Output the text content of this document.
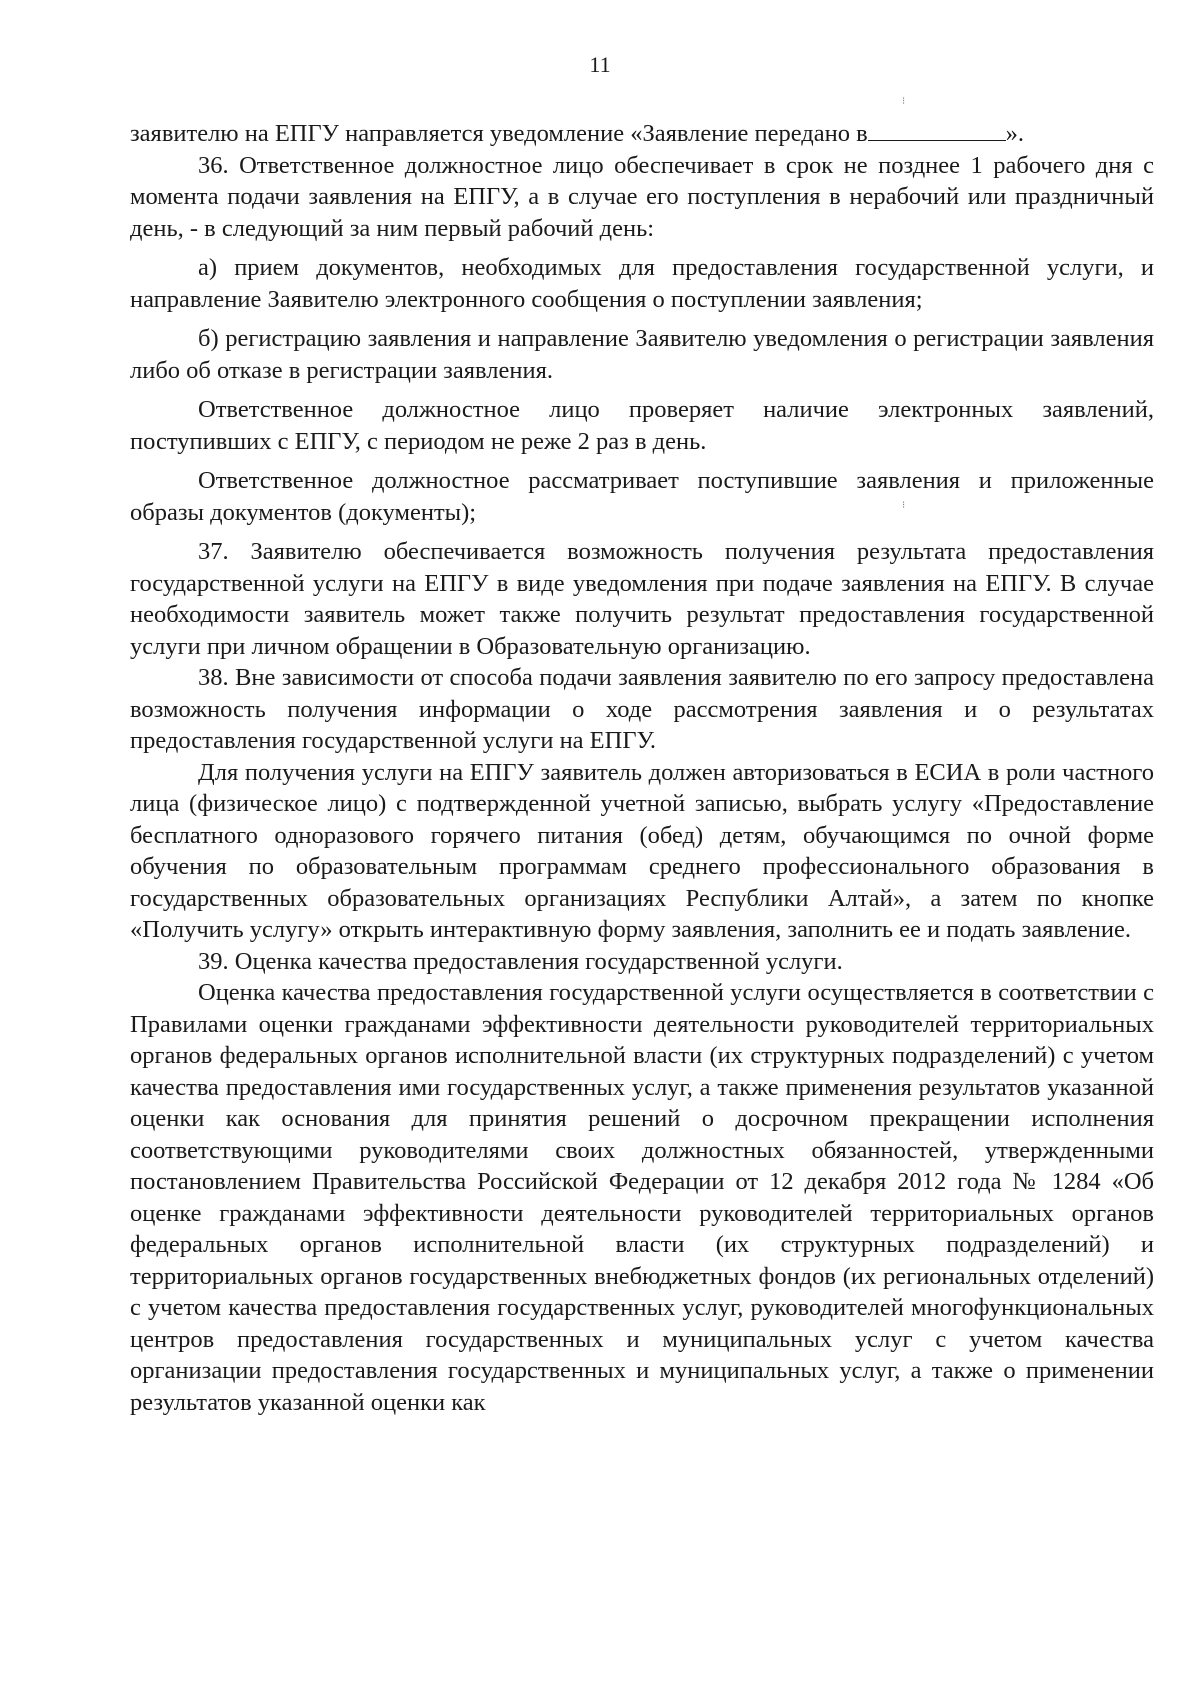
11
⁝
⁝

заявителю на ЕПГУ направляется уведомление «Заявление передано в	».

36. Ответственное должностное лицо обеспечивает в срок не позднее 1 рабочего дня с момента подачи заявления на ЕПГУ, а в случае его поступления в нерабочий или праздничный день, - в следующий за ним первый рабочий день:

а) прием документов, необходимых для предоставления государственной услуги, и направление Заявителю электронного сообщения о поступлении заявления;

б) регистрацию заявления и направление Заявителю уведомления о регистрации заявления либо об отказе в регистрации заявления.

Ответственное должностное лицо проверяет наличие электронных заявлений, поступивших с ЕПГУ, с периодом не реже 2 раз в день.

Ответственное должностное рассматривает поступившие заявления и приложенные образы документов (документы);

37. Заявителю обеспечивается возможность получения результата предоставления государственной услуги на ЕПГУ в виде уведомления при подаче заявления на ЕПГУ. В случае необходимости заявитель может также получить результат предоставления государственной услуги при личном обращении в Образовательную организацию.

38. Вне зависимости от способа подачи заявления заявителю по его запросу предоставлена возможность получения информации о ходе рассмотрения заявления и о результатах предоставления государственной услуги на ЕПГУ.

Для получения услуги на ЕПГУ заявитель должен авторизоваться в ЕСИА в роли частного лица (физическое лицо) с подтвержденной учетной записью, выбрать услугу «Предоставление бесплатного одноразового горячего питания (обед) детям, обучающимся по очной форме обучения по образовательным программам среднего профессионального образования в государственных образовательных организациях Республики Алтай», а затем по кнопке «Получить услугу» открыть интерактивную форму заявления, заполнить ее и подать заявление.

39. Оценка качества предоставления государственной услуги.

Оценка качества предоставления государственной услуги осуществляется в соответствии с Правилами оценки гражданами эффективности деятельности руководителей территориальных органов федеральных органов исполнительной власти (их структурных подразделений) с учетом качества предоставления ими государственных услуг, а также применения результатов указанной оценки как основания для принятия решений о досрочном прекращении исполнения соответствующими руководителями своих должностных обязанностей, утвержденными постановлением Правительства Российской Федерации от 12 декабря 2012 года № 1284 «Об оценке гражданами эффективности деятельности руководителей территориальных органов федеральных органов исполнительной власти (их структурных подразделений) и территориальных органов государственных внебюджетных фондов (их региональных отделений) с учетом качества предоставления государственных услуг, руководителей многофункциональных центров предоставления государственных и муниципальных услуг с учетом качества организации предоставления государственных и муниципальных услуг, а также о применении результатов указанной оценки как
